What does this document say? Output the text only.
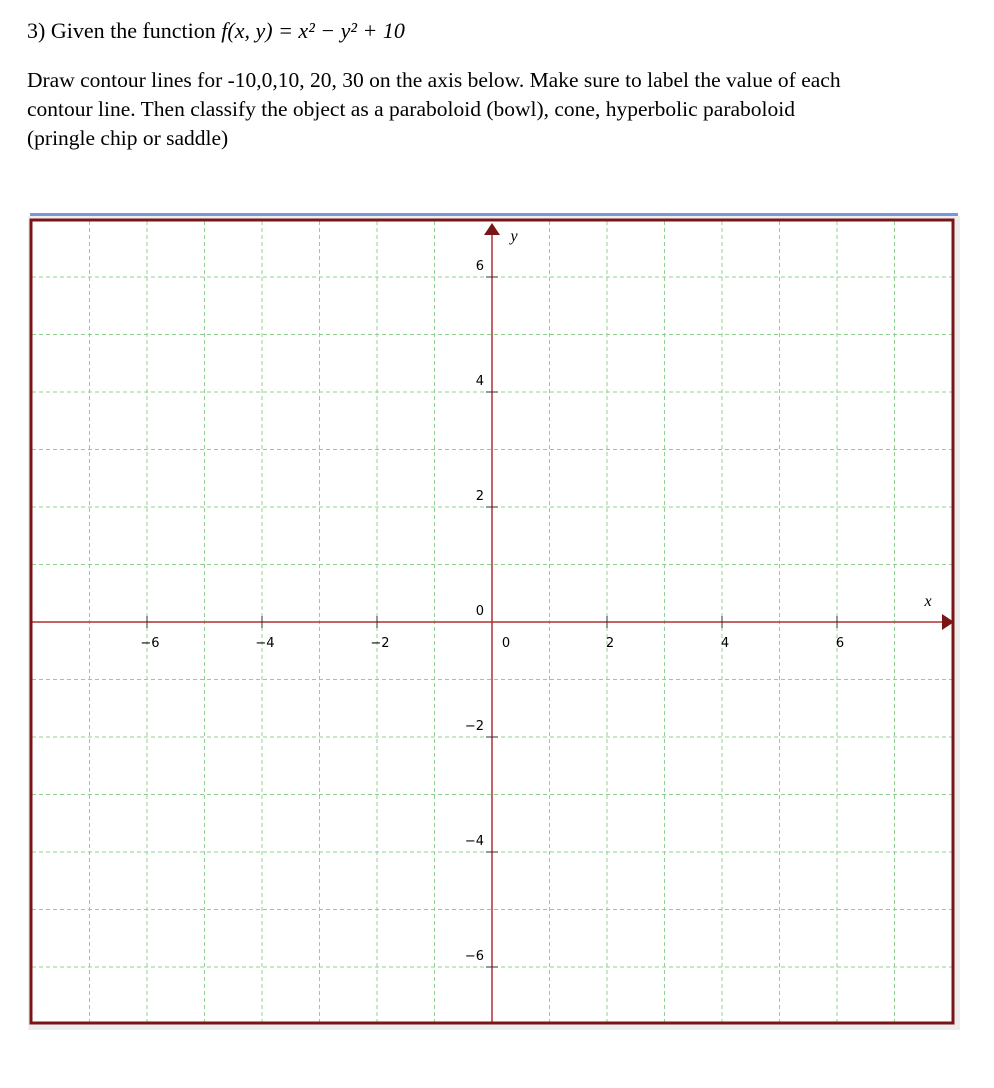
3) Given the function f(x, y) = x² − y² + 10

Draw contour lines for -10,0,10, 20, 30 on the axis below. Make sure to label the value of each

contour line. Then classify the object as a paraboloid (bowl), cone, hyperbolic paraboloid

(pringle chip or saddle)

−6	−4	−2	0	2	4	6
6
4
2
0
−2
−4
−6
x
y
